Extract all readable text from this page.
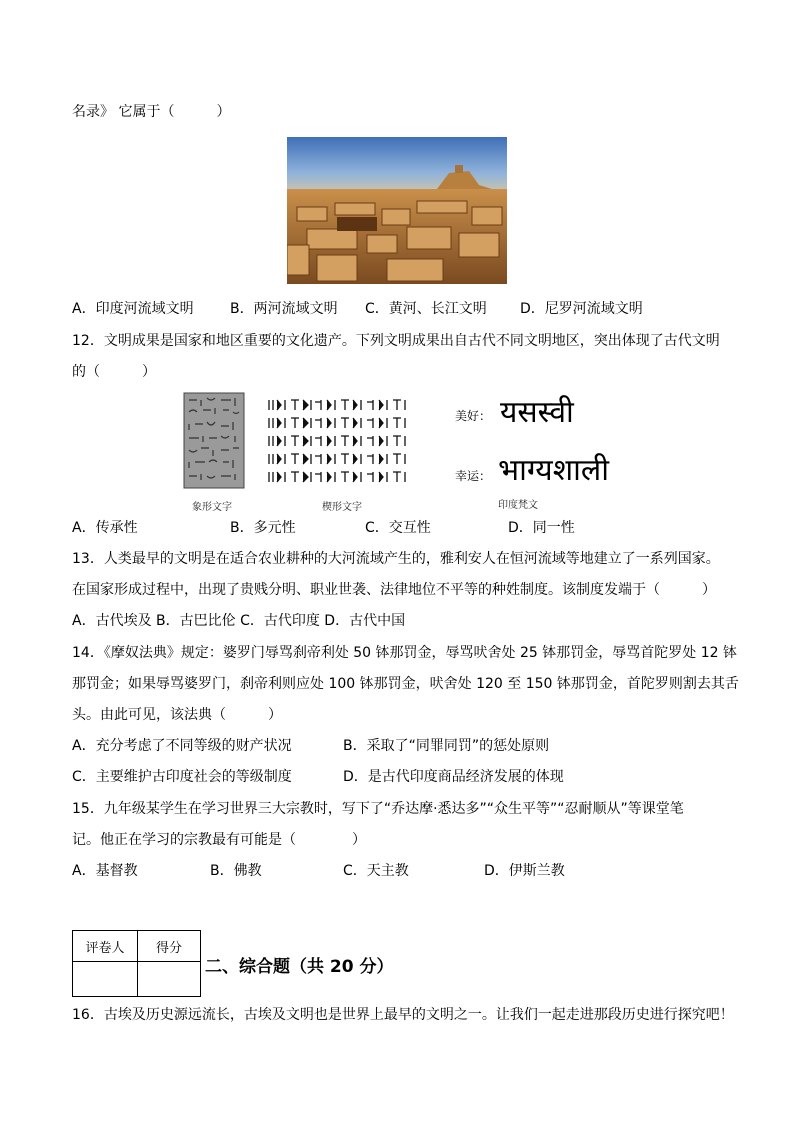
名录》 它属于（　　　）
A．印度河流域文明	B．两河流域文明 C．黄河、长江文明 D．尼罗河流域文明
12．文明成果是国家和地区重要的文化遗产。下列文明成果出自古代不同文明地区，突出体现了古代文明
的（　　　）
象形文字	楔形文字
美好： यसस्वी
幸运： भाग्यशाली
印度梵文
A．传承性	B．多元性	C．交互性	D．同一性
13．人类最早的文明是在适合农业耕种的大河流域产生的，雅利安人在恒河流域等地建立了一系列国家。
在国家形成过程中，出现了贵贱分明、职业世袭、法律地位不平等的种姓制度。该制度发端于（　　　）
A．古代埃及 B．古巴比伦 C．古代印度 D．古代中国
14．《摩奴法典》规定：婆罗门辱骂刹帝利处 50 钵那罚金，辱骂吠舍处 25 钵那罚金，辱骂首陀罗处 12 钵
那罚金；如果辱骂婆罗门，刹帝利则应处 100 钵那罚金，吠舍处 120 至 150 钵那罚金，首陀罗则割去其舌
头。由此可见，该法典（　　　）
A．充分考虑了不同等级的财产状况	B．采取了“同罪同罚”的惩处原则
C．主要维护古印度社会的等级制度	D．是古代印度商品经济发展的体现
15．九年级某学生在学习世界三大宗教时，写下了“乔达摩·悉达多”“众生平等”“忍耐顺从”等课堂笔
记。他正在学习的宗教最有可能是（　　　　）
A．基督教	B．佛教	C．天主教	D．伊斯兰教
评卷人	得分

二、综合题（共 20 分）
16．古埃及历史源远流长，古埃及文明也是世界上最早的文明之一。让我们一起走进那段历史进行探究吧！
